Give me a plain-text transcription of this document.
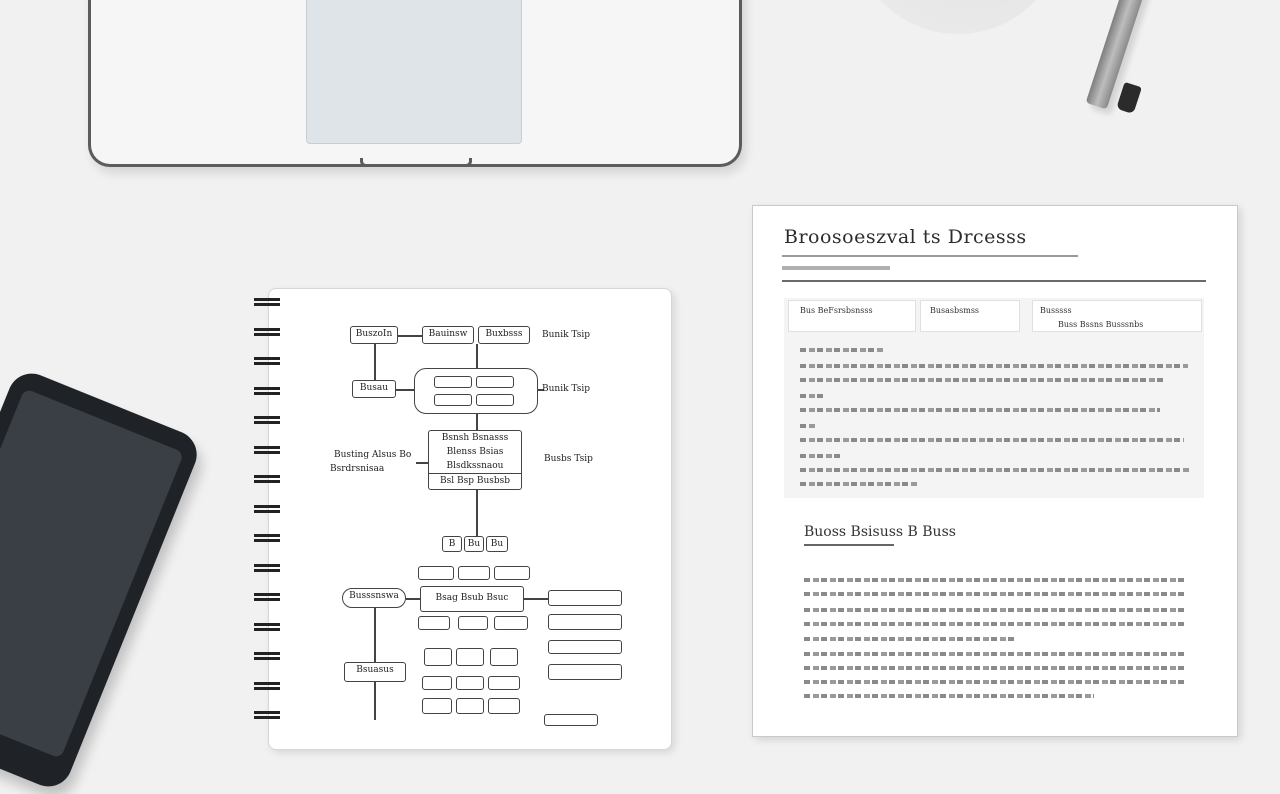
BuszoIn	Bauinsw	Buxbsss	Bunik Tsip
Busau	Bunik Tsip
Busting Alsus Bo
Bsrdrsnisaa
Bsnsh Bsnasss
Blenss Bsias
Blsdkssnaou
Bsl Bsp Busbsb
Busbs Tsip
B	Bu	Bu
Busssnswa	Bsag Bsub Bsuc
Bsuasus
Broosoeszval ts Drcesss
Bus BeFsrsbsnsss	Busasbsmss	Busssss
Buss Bssns Busssnbs
Buoss Bsisuss B Buss
